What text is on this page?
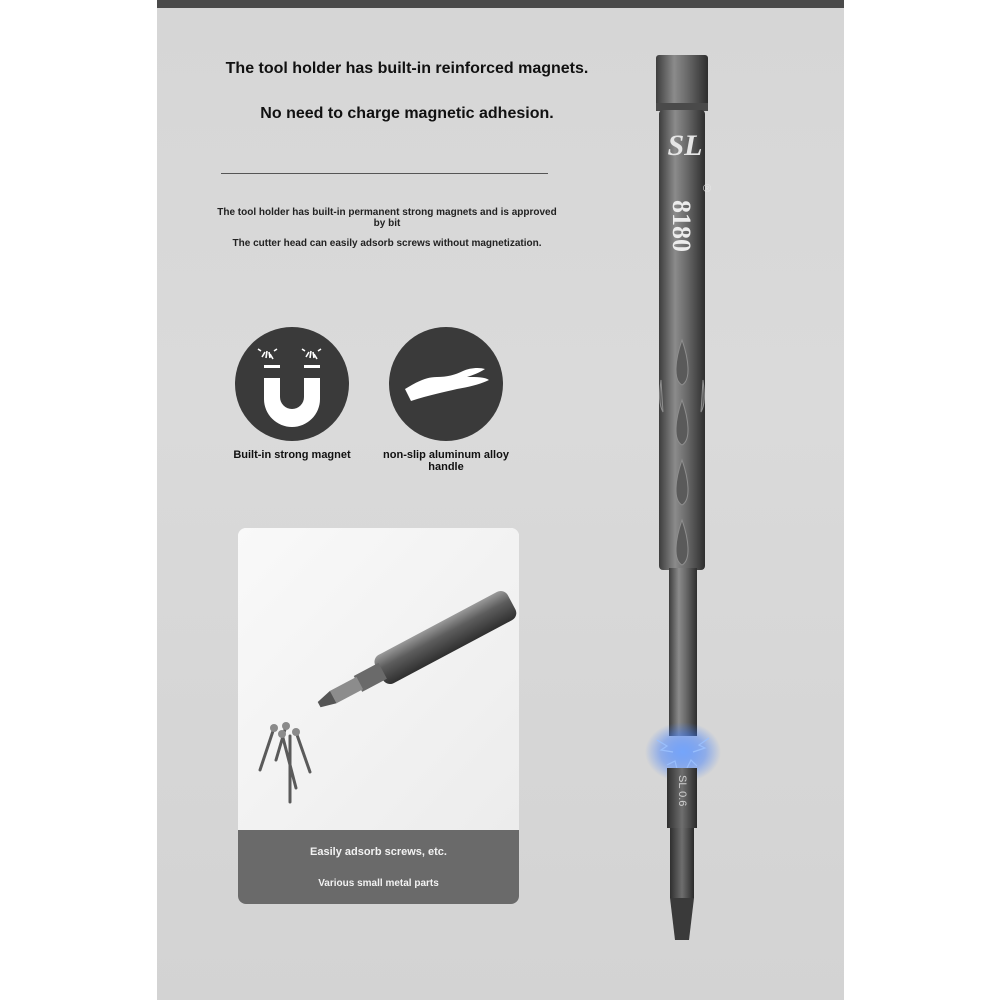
The tool holder has built-in reinforced magnets.
No need to charge magnetic adhesion.
The tool holder has built-in permanent strong magnets and is approved by bit
The cutter head can easily adsorb screws without magnetization.
Built-in strong magnet	non-slip aluminum alloy handle
Easily adsorb screws, etc.
Various small metal parts
SL
®
8180
SL 0.6
